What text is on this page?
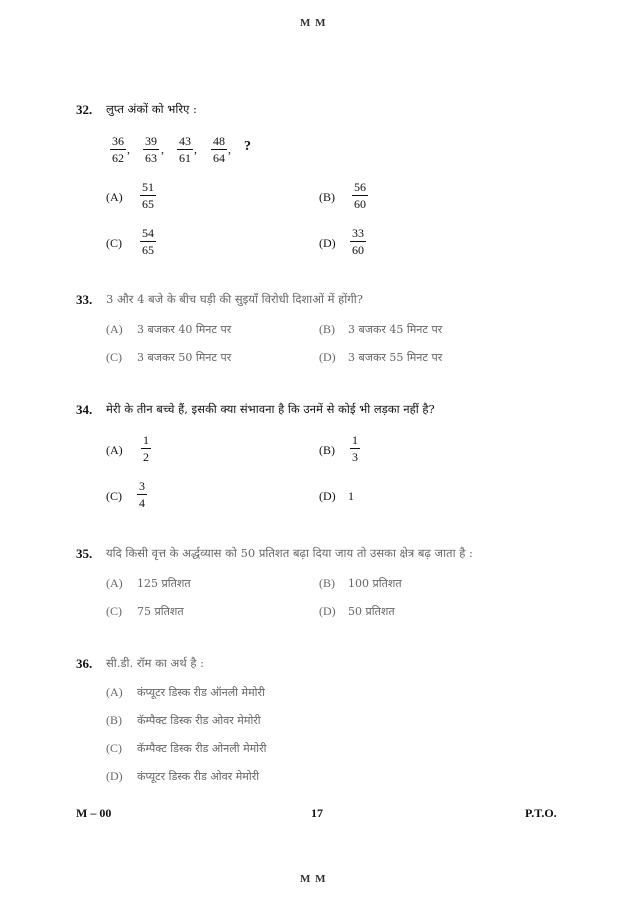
M M
32. लुप्त अंकों को भरिए :
$\frac{36}{62}$ , $\frac{39}{63}$ , $\frac{43}{61}$ , $\frac{48}{64}$ , ?
$(A) \frac{51}{65}$	$(B) \frac{56}{60}$
$(C) \frac{54}{65}$	$(D) \frac{33}{60}$
33. 3 और 4 बजे के बीच घड़ी की सुइयाँ विरोधी दिशाओं में होंगी?
(A) 3 बजकर 40 मिनट पर	(B) 3 बजकर 45 मिनट पर
(C) 3 बजकर 50 मिनट पर	(D) 3 बजकर 55 मिनट पर
34. मेरी के तीन बच्चे हैं, इसकी क्या संभावना है कि उनमें से कोई भी लड़का नहीं है?
$(A) \frac{1}{2}$	$(B) \frac{1}{3}$
$(C) \frac{3}{4}$	(D) 1
35. यदि किसी वृत्त के अर्द्धव्यास को 50 प्रतिशत बढ़ा दिया जाय तो उसका क्षेत्र बढ़ जाता है :
(A) 125 प्रतिशत	(B) 100 प्रतिशत
(C) 75 प्रतिशत	(D) 50 प्रतिशत
36. सी.डी. रॉम का अर्थ है :
(A) कंप्यूटर डिस्क रीड ऑनली मेमोरी
(B) कॅम्पैक्ट डिस्क रीड ओवर मेमोरी
(C) कॅम्पैक्ट डिस्क रीड ओनली मेमोरी
(D) कंप्यूटर डिस्क रीड ओवर मेमोरी
M – 00	17	P.T.O.
M M
